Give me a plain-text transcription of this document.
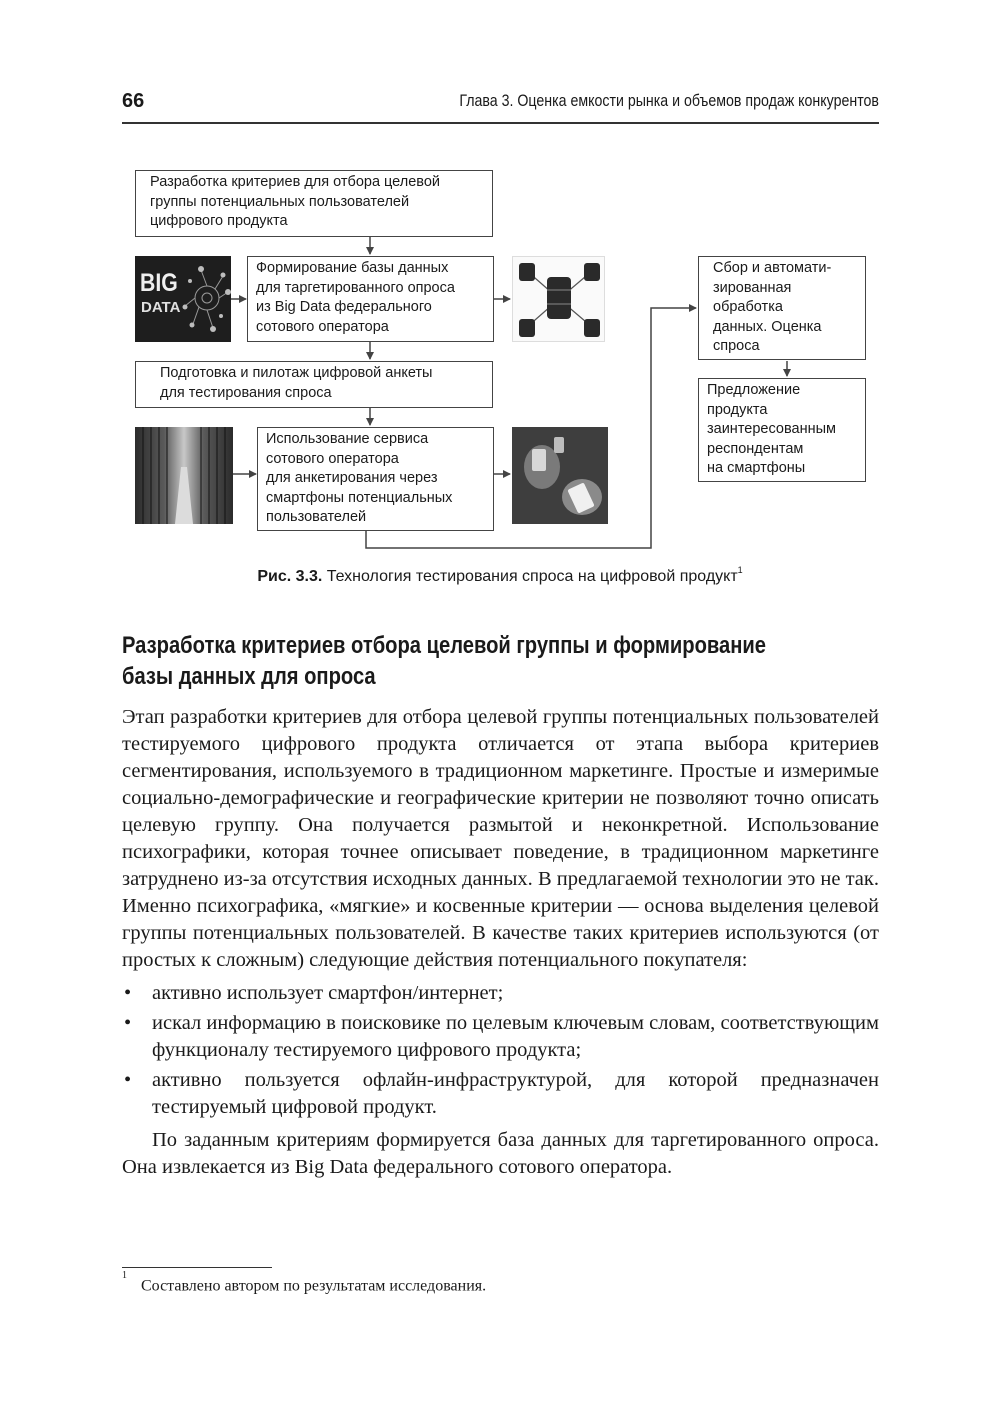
66	Глава 3. Оценка емкости рынка и объемов продаж конкурентов
Разработка критериев для отбора целевой
группы потенциальных пользователей
цифрового продукта
Формирование базы данных
для таргетированного опроса
из Big Data федерального
сотового оператора
Подготовка и пилотаж цифровой анкеты
для тестирования спроса
Использование сервиса
сотового оператора
для анкетирования через
смартфоны потенциальных
пользователей
Сбор и автомати-
зированная
обработка
данных. Оценка
спроса
Предложение
продукта
заинтересованным
респондентам
на смартфоны
BIG
DATA
Рис. 3.3. Технология тестирования спроса на цифровой продукт$^1$
Разработка критериев отбора целевой группы и формирование
базы данных для опроса

Этап разработки критериев для отбора целевой группы потенциальных пользователей тестируемого цифрового продукта отличается от этапа выбора критериев сегментирования, используемого в традиционном маркетинге. Простые и измеримые социально-демографические и географические критерии не позволяют точно описать целевую группу. Она получается размытой и неконкретной. Использование психографики, которая точнее описывает поведение, в традиционном маркетинге затруднено из-за отсутствия исходных данных. В предлагаемой технологии это не так. Именно психографика, «мягкие» и косвенные критерии — основа выделения целевой группы потенциальных пользователей. В качестве таких критериев используются (от простых к сложным) следующие действия потенциального покупателя:

• активно использует смартфон/интернет;
• искал информацию в поисковике по целевым ключевым словам, соответствующим функционалу тестируемого цифрового продукта;
• активно пользуется офлайн-инфраструктурой, для которой предназначен тестируемый цифровой продукт.

По заданным критериям формируется база данных для таргетированного опроса. Она извлекается из Big Data федерального сотового оператора.

$^1$Составлено автором по результатам исследования.
